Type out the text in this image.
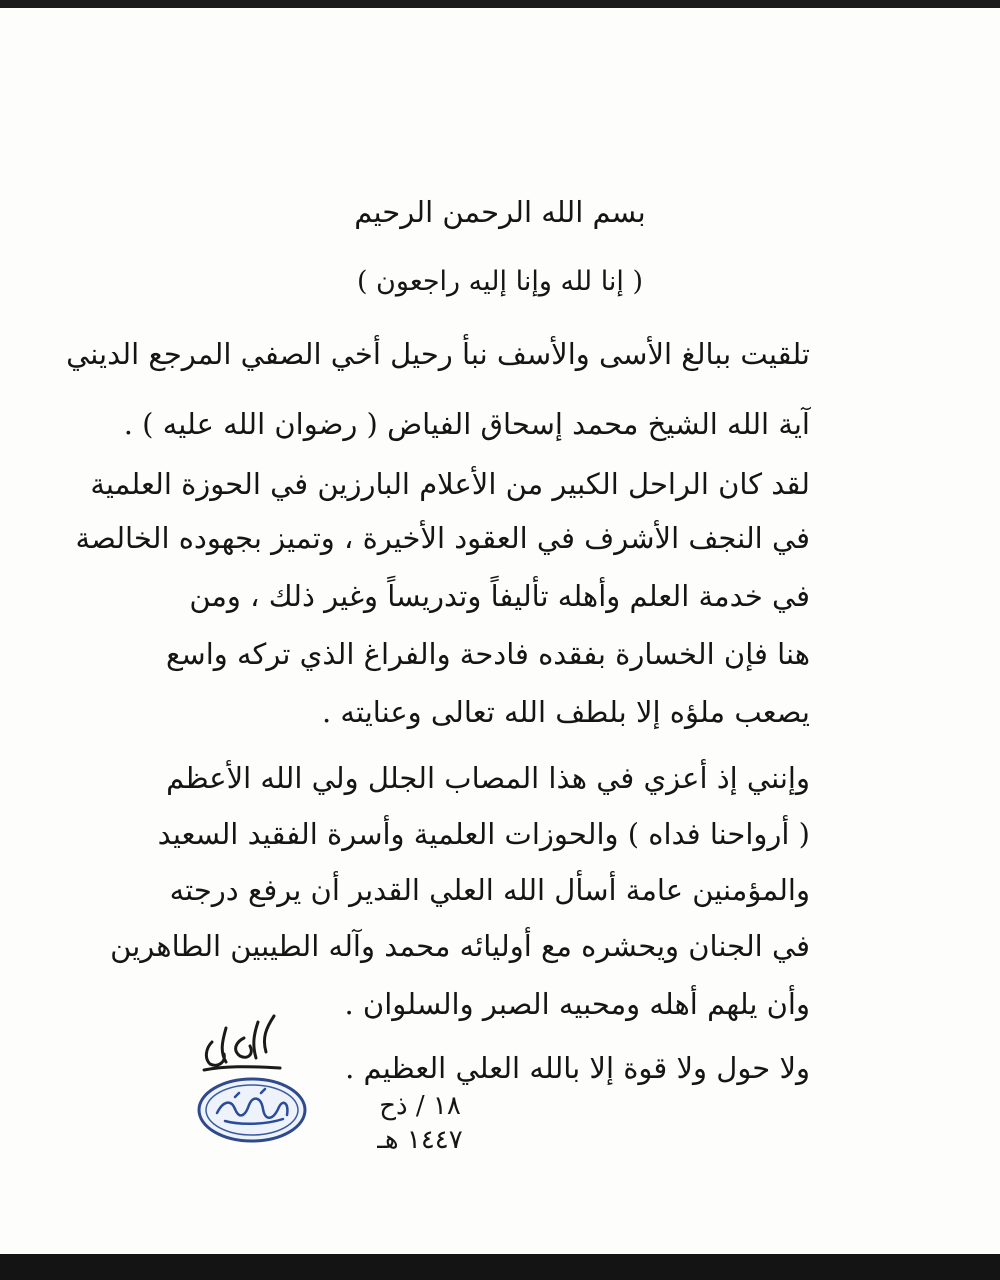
بسم الله الرحمن الرحيم
( إنا لله وإنا إليه راجعون )
تلقيت ببالغ الأسى والأسف نبأ رحيل أخي الصفي المرجع الديني
آية الله الشيخ محمد إسحاق الفياض ( رضوان الله عليه ) .
لقد كان الراحل الكبير من الأعلام البارزين في الحوزة العلمية
في النجف الأشرف في العقود الأخيرة ، وتميز بجهوده الخالصة
في خدمة العلم وأهله تأليفاً وتدريساً وغير ذلك ، ومن
هنا فإن الخسارة بفقده فادحة والفراغ الذي تركه واسع
يصعب ملؤه إلا بلطف الله تعالى وعنايته .
وإنني إذ أعزي في هذا المصاب الجلل ولي الله الأعظم
( أرواحنا فداه ) والحوزات العلمية وأسرة الفقيد السعيد
والمؤمنين عامة أسأل الله العلي القدير أن يرفع درجته
في الجنان ويحشره مع أوليائه محمد وآله الطيبين الطاهرين
وأن يلهم أهله ومحبيه الصبر والسلوان .
ولا حول ولا قوة إلا بالله العلي العظيم .
١٨ / ذح
١٤٤٧ هـ
